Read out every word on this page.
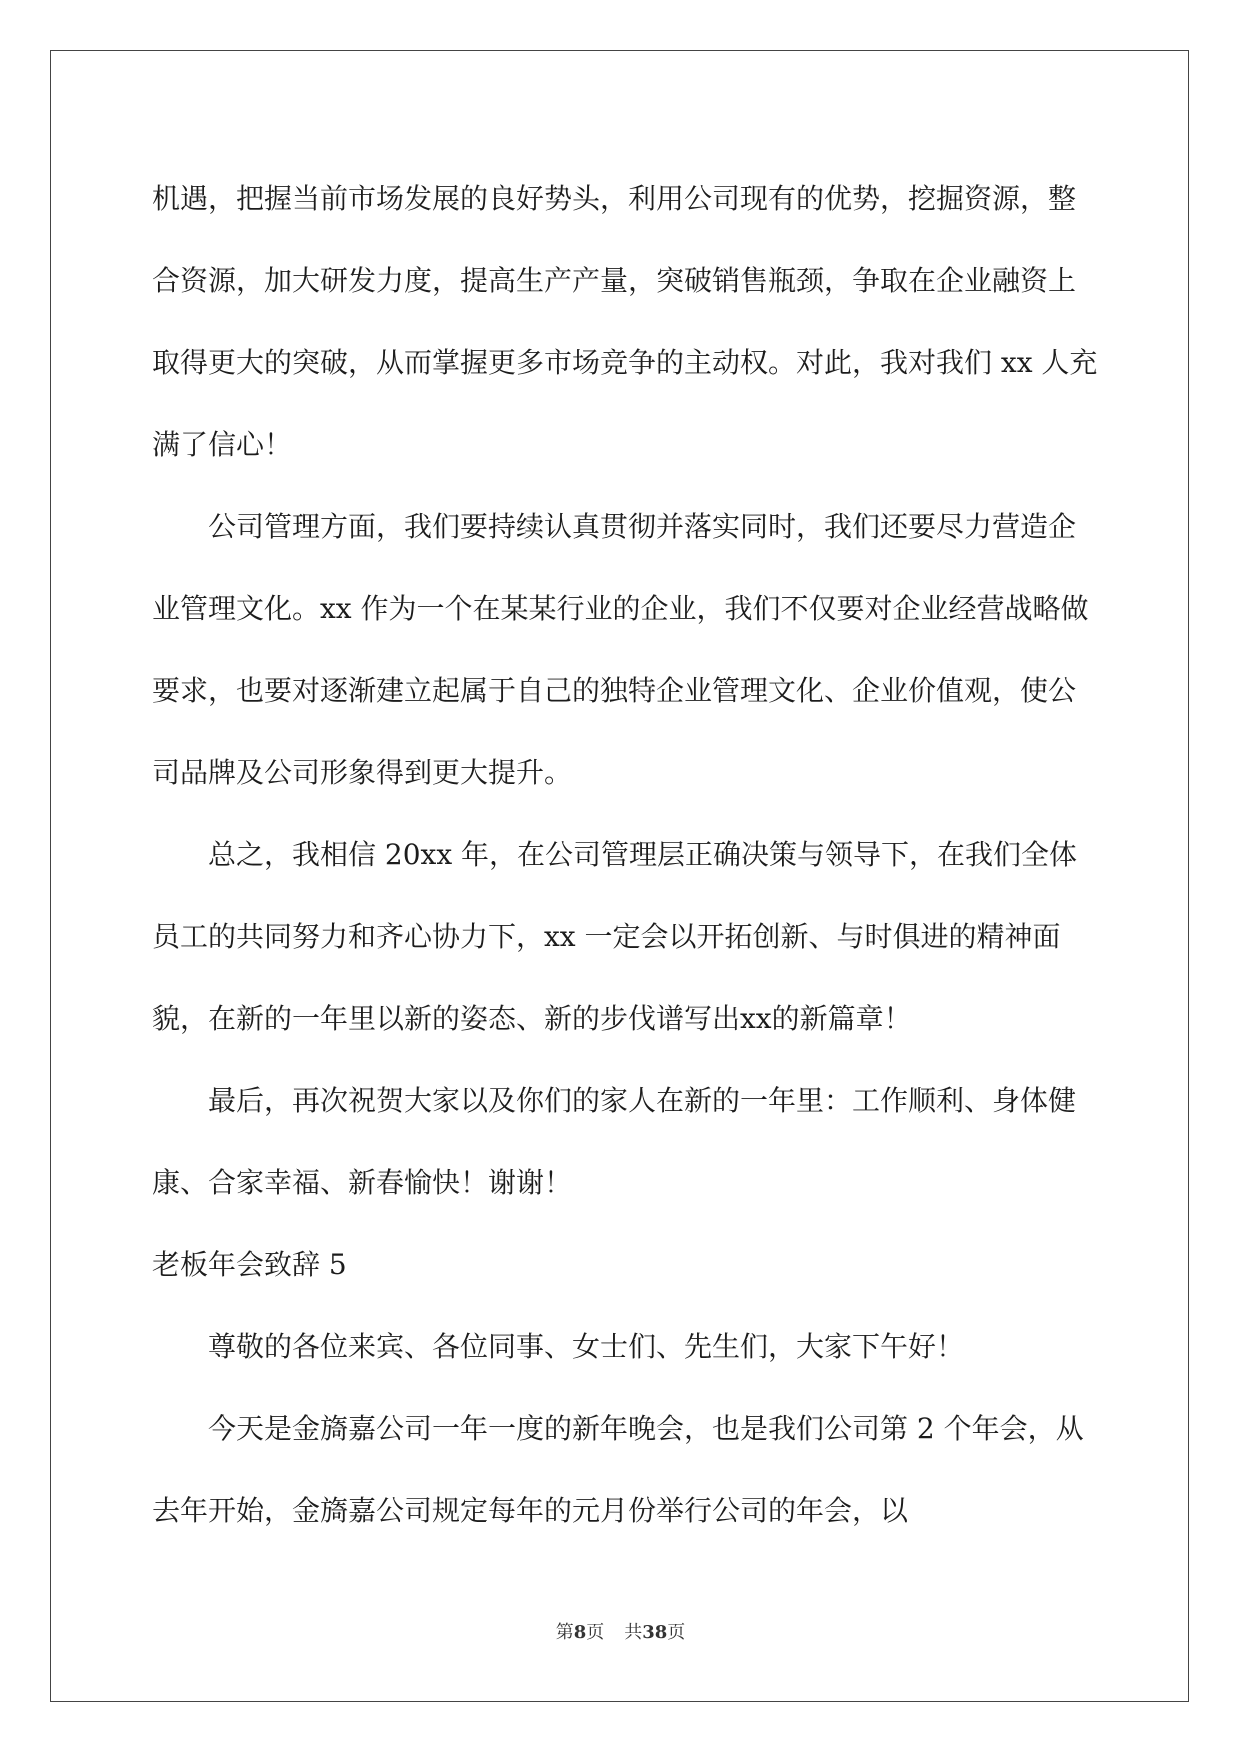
机遇，把握当前市场发展的良好势头，利用公司现有的优势，挖掘资源，整合资源，加大研发力度，提高生产产量，突破销售瓶颈，争取在企业融资上取得更大的突破，从而掌握更多市场竞争的主动权。对此，我对我们 xx 人充满了信心！

公司管理方面，我们要持续认真贯彻并落实同时，我们还要尽力营造企业管理文化。xx 作为一个在某某行业的企业，我们不仅要对企业经营战略做要求，也要对逐渐建立起属于自己的独特企业管理文化、企业价值观，使公司品牌及公司形象得到更大提升。

总之，我相信 20xx 年，在公司管理层正确决策与领导下，在我们全体员工的共同努力和齐心协力下，xx 一定会以开拓创新、与时俱进的精神面貌，在新的一年里以新的姿态、新的步伐谱写出xx的新篇章！

最后，再次祝贺大家以及你们的家人在新的一年里：工作顺利、身体健康、合家幸福、新春愉快！谢谢！

老板年会致辞 5

尊敬的各位来宾、各位同事、女士们、先生们，大家下午好！

今天是金旖嘉公司一年一度的新年晚会，也是我们公司第 2 个年会，从去年开始，金旖嘉公司规定每年的元月份举行公司的年会，以

第8页 共38页
